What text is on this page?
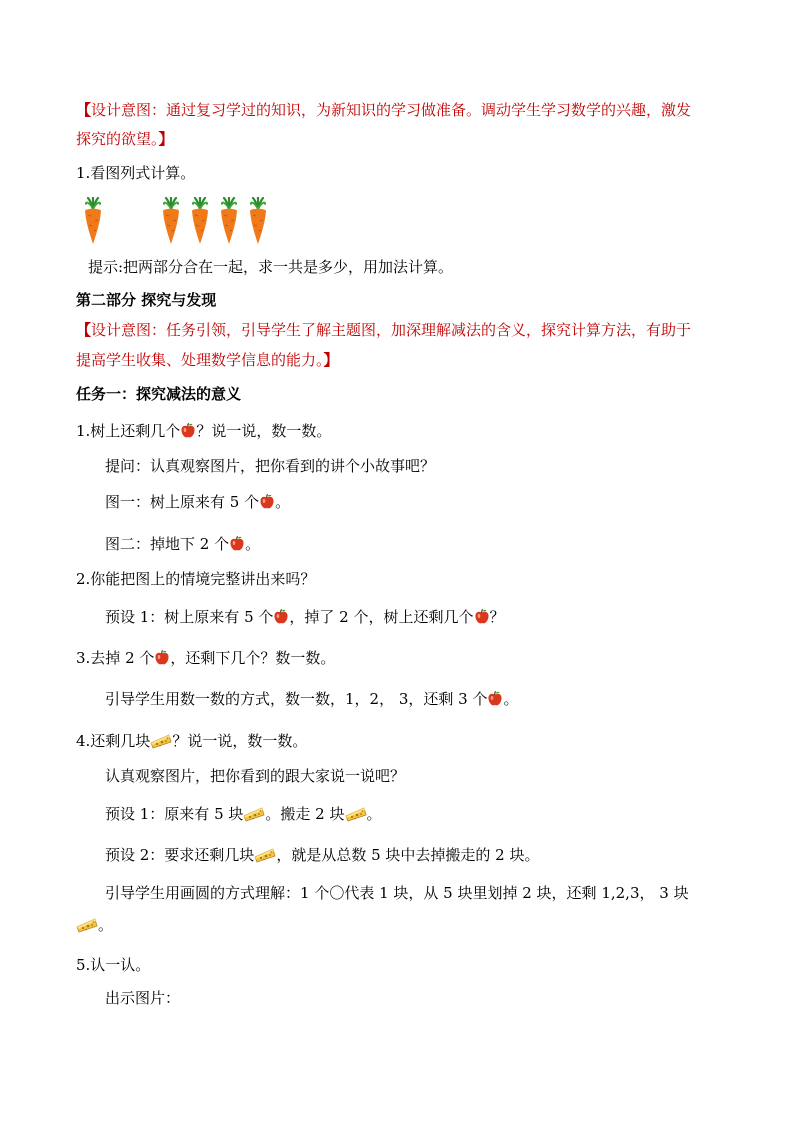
【设计意图：通过复习学过的知识，为新知识的学习做准备。调动学生学习数学的兴趣，激发
探究的欲望。】
1.看图列式计算。
提示:把两部分合在一起，求一共是多少，用加法计算。
第二部分 探究与发现
【设计意图：任务引领，引导学生了解主题图，加深理解减法的含义，探究计算方法，有助于
提高学生收集、处理数学信息的能力。】
任务一：探究减法的意义
1.树上还剩几个 ？说一说，数一数。
提问：认真观察图片，把你看到的讲个小故事吧？
图一：树上原来有 5 个 。
图二：掉地下 2 个 。
2.你能把图上的情境完整讲出来吗？
预设 1：树上原来有 5 个 ，掉了 2 个，树上还剩几个 ？
3.去掉 2 个 ，还剩下几个？数一数。
引导学生用数一数的方式，数一数，1，2， 3，还剩 3 个 。
4.还剩几块 ？说一说，数一数。
认真观察图片，把你看到的跟大家说一说吧？
预设 1：原来有 5 块 。搬走 2 块 。
预设 2：要求还剩几块 ，就是从总数 5 块中去掉搬走的 2 块。
引导学生用画圆的方式理解：1 个〇代表 1 块，从 5 块里划掉 2 块，还剩 1,2,3， 3 块
。
5.认一认。
出示图片：
